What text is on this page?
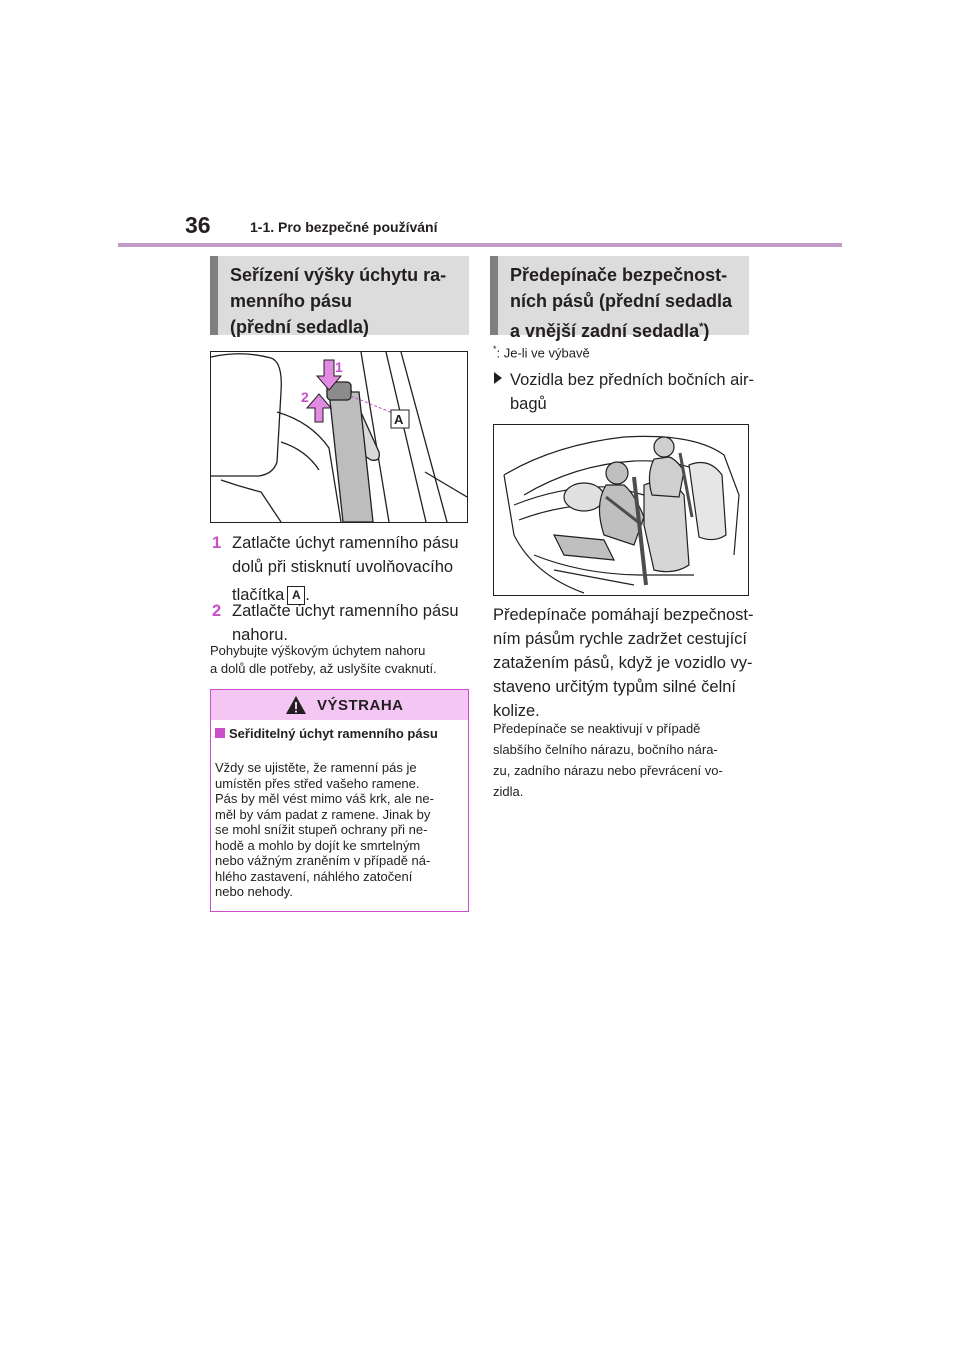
36	1-1. Pro bezpečné používání
Seřízení výšky úchytu ra-
menního pásu
(přední sedadla)
1
2
A
1 Zatlačte úchyt ramenního pásu
dolů při stisknutí uvolňovacího
tlačítka A .
2 Zatlačte úchyt ramenního pásu
nahoru.
Pohybujte výškovým úchytem nahoru
a dolů dle potřeby, až uslyšíte cvaknutí.
VÝSTRAHA
Seřiditelný úchyt ramenního pásu
Vždy se ujistěte, že ramenní pás je
umístěn přes střed vašeho ramene.
Pás by měl vést mimo váš krk, ale ne-
měl by vám padat z ramene. Jinak by
se mohl snížit stupeň ochrany při ne-
hodě a mohlo by dojít ke smrtelným
nebo vážným zraněním v případě ná-
hlého zastavení, náhlého zatočení
nebo nehody.
Předepínače bezpečnost-
ních pásů (přední sedadla
a vnější zadní sedadla*)
*: Je-li ve výbavě
Vozidla bez předních bočních air-
bagů
Předepínače pomáhají bezpečnost-
ním pásům rychle zadržet cestující
zatažením pásů, když je vozidlo vy-
staveno určitým typům silné čelní
kolize.
Předepínače se neaktivují v případě
slabšího čelního nárazu, bočního nára-
zu, zadního nárazu nebo převrácení vo-
zidla.
